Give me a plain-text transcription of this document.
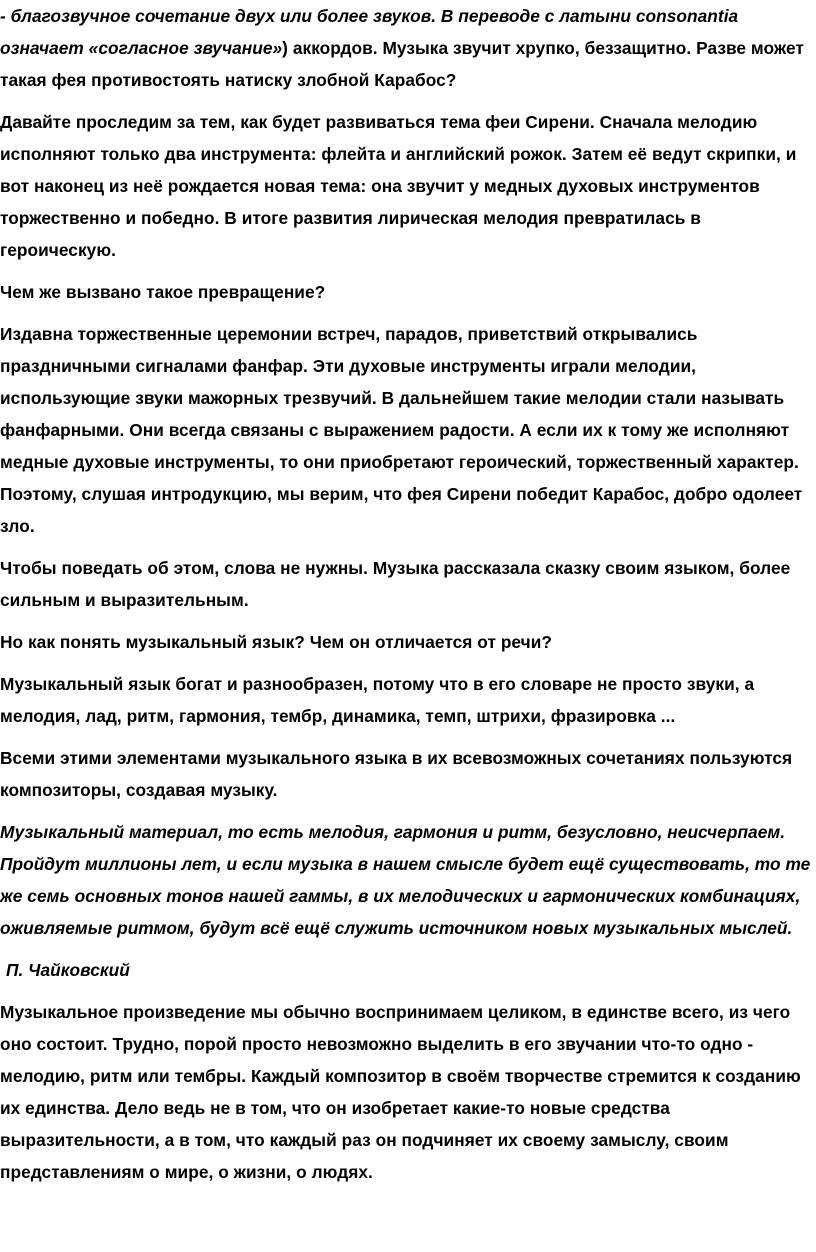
- благозвучное сочетание двух или более звуков. В переводе с латыни consonantia означает «согласное звучание») аккордов. Музыка звучит хрупко, беззащитно. Разве может такая фея противостоять натиску злобной Карабос?

Давайте проследим за тем, как будет развиваться тема феи Сирени. Сначала мелодию исполняют только два инструмента: флейта и английский рожок. Затем её ведут скрипки, и вот наконец из неё рождается новая тема: она звучит у медных духовых инструментов торжественно и победно. В итоге развития лирическая мелодия превратилась в героическую.

Чем же вызвано такое превращение?

Издавна торжественные церемонии встреч, парадов, приветствий открывались праздничными сигналами фанфар. Эти духовые инструменты играли мелодии, использующие звуки мажорных трезвучий. В дальнейшем такие мелодии стали называть фанфарными. Они всегда связаны с выражением радости. А если их к тому же исполняют медные духовые инструменты, то они приобретают героический, торжественный характер. Поэтому, слушая интродукцию, мы верим, что фея Сирени победит Карабос, добро одолеет зло.

Чтобы поведать об этом, слова не нужны. Музыка рассказала сказку своим языком, более сильным и выразительным.

Но как понять музыкальный язык? Чем он отличается от речи?

Музыкальный язык богат и разнообразен, потому что в его словаре не просто звуки, а мелодия, лад, ритм, гармония, тембр, динамика, темп, штрихи, фразировка ...

Всеми этими элементами музыкального языка в их всевозможных сочетаниях пользуются композиторы, создавая музыку.

Музыкальный материал, то есть мелодия, гармония и ритм, безусловно, неисчерпаем.

Пройдут миллионы лет, и если музыка в нашем смысле будет ещё существовать, то те же семь основных тонов нашей гаммы, в их мелодических и гармонических комбинациях, оживляемые ритмом, будут всё ещё служить источником новых музыкальных мыслей.

П. Чайковский

Музыкальное произведение мы обычно воспринимаем целиком, в единстве всего, из чего оно состоит. Трудно, порой просто невозможно выделить в его звучании что-то одно - мелодию, ритм или тембры. Каждый композитор в своём творчестве стремится к созданию их единства. Дело ведь не в том, что он изобретает какие-то новые средства выразительности, а в том, что каждый раз он подчиняет их своему замыслу, своим представлениям о мире, о жизни, о людях.
